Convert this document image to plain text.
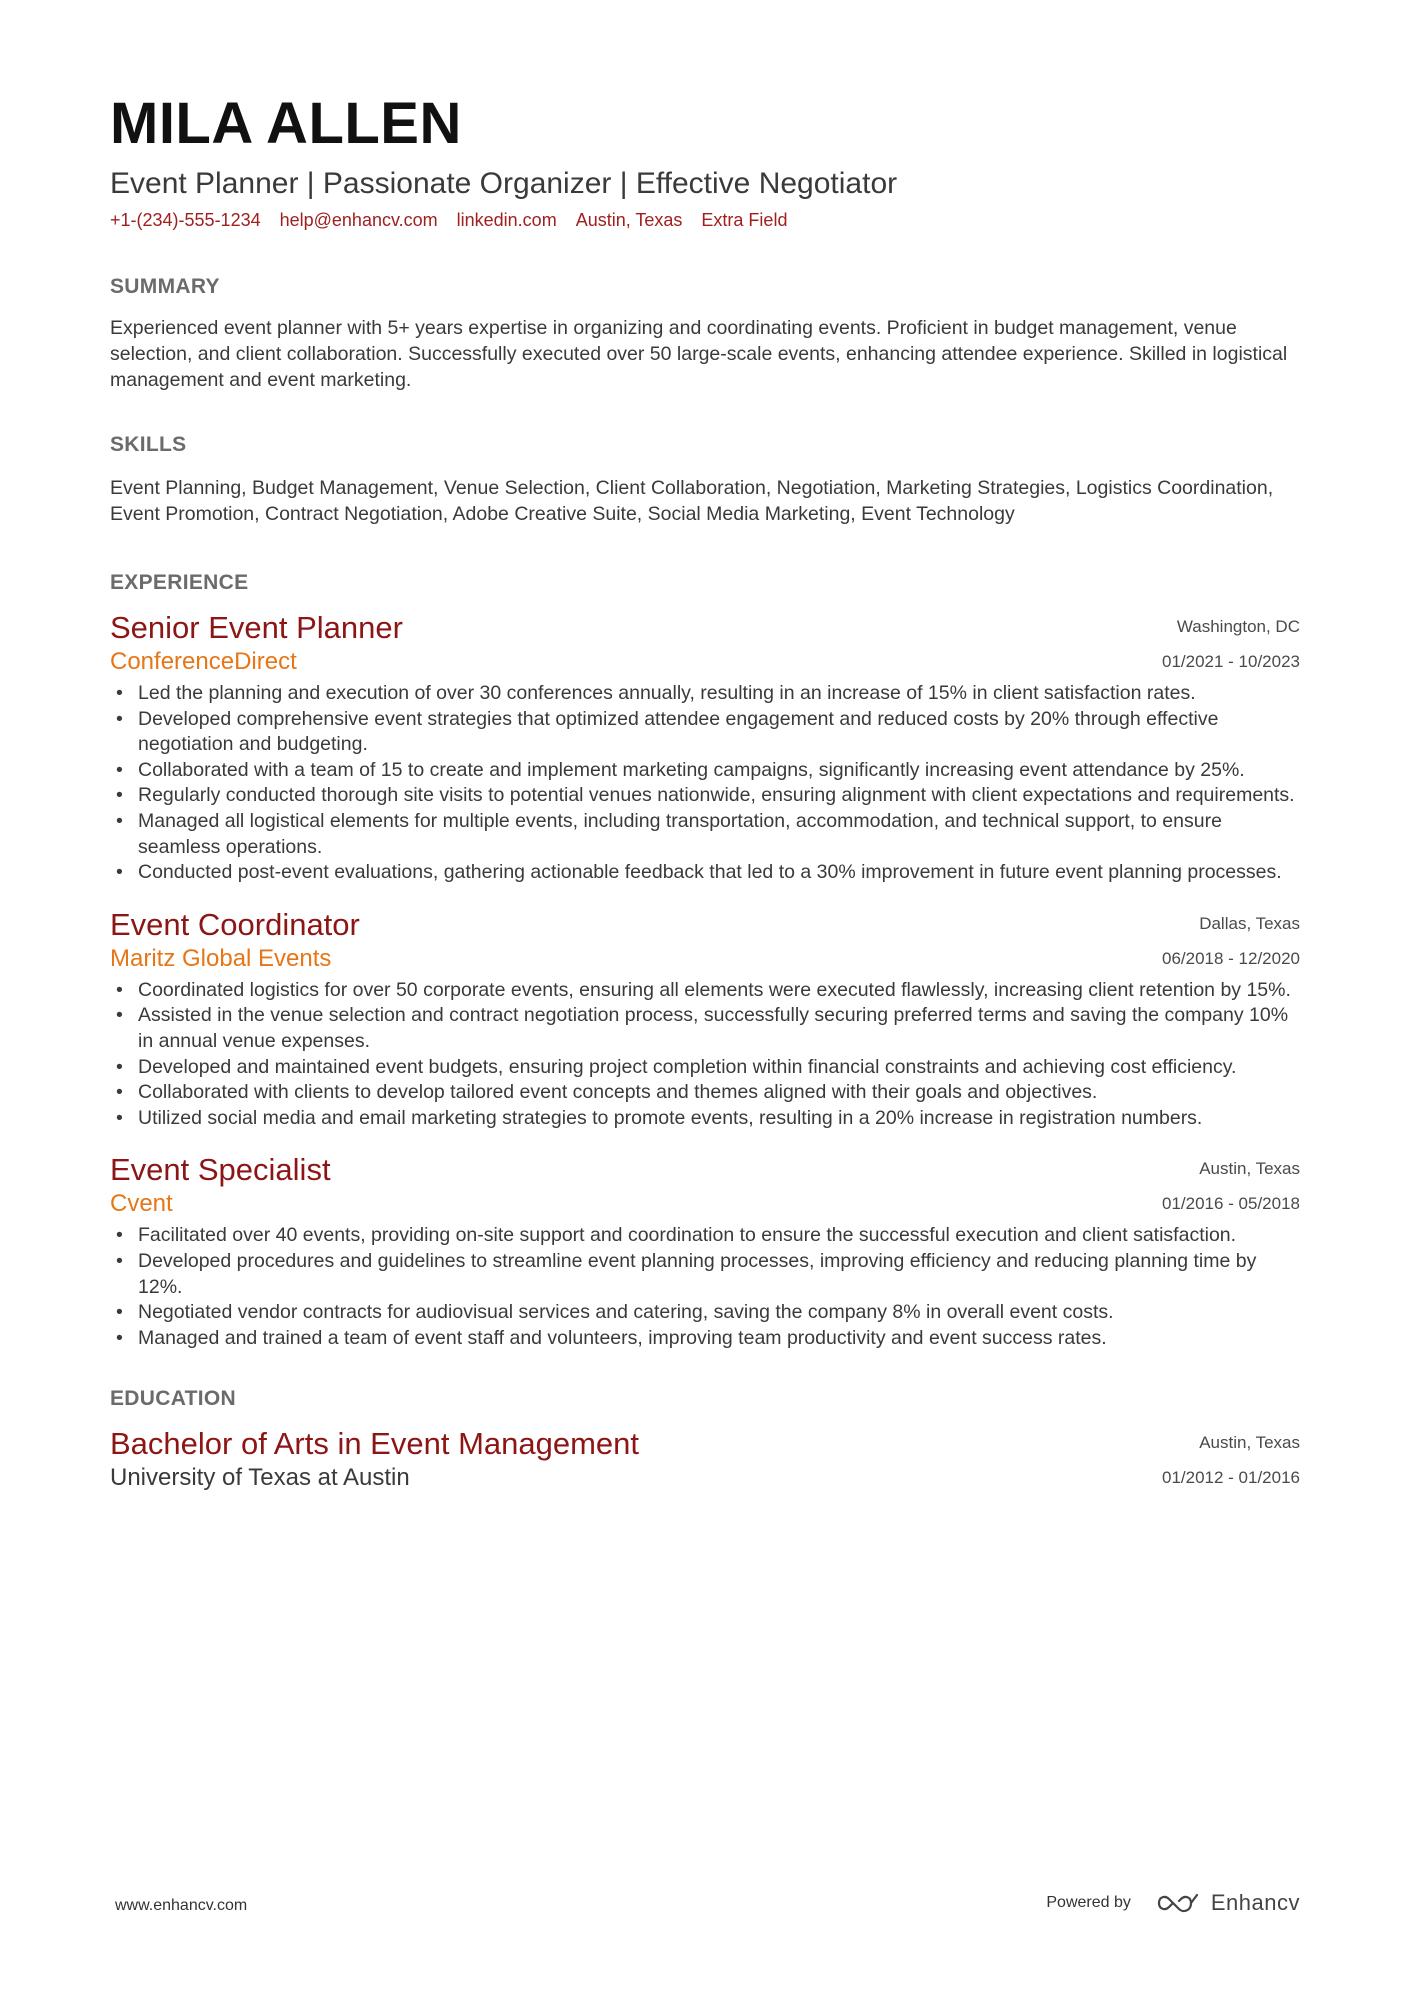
MILA ALLEN
Event Planner | Passionate Organizer | Effective Negotiator
+1-(234)-555-1234 help@enhancv.com linkedin.com Austin, Texas Extra Field
SUMMARY

Experienced event planner with 5+ years expertise in organizing and coordinating events. Proficient in budget management, venue selection, and client collaboration. Successfully executed over 50 large-scale events, enhancing attendee experience. Skilled in logistical management and event marketing.

SKILLS

Event Planning, Budget Management, Venue Selection, Client Collaboration, Negotiation, Marketing Strategies, Logistics Coordination, Event Promotion, Contract Negotiation, Adobe Creative Suite, Social Media Marketing, Event Technology

EXPERIENCE
Senior Event Planner
ConferenceDirect
Washington, DC
01/2021 - 10/2023
• Led the planning and execution of over 30 conferences annually, resulting in an increase of 15% in client satisfaction rates.
• Developed comprehensive event strategies that optimized attendee engagement and reduced costs by 20% through effective negotiation and budgeting.
• Collaborated with a team of 15 to create and implement marketing campaigns, significantly increasing event attendance by 25%.
• Regularly conducted thorough site visits to potential venues nationwide, ensuring alignment with client expectations and requirements.
• Managed all logistical elements for multiple events, including transportation, accommodation, and technical support, to ensure seamless operations.
• Conducted post-event evaluations, gathering actionable feedback that led to a 30% improvement in future event planning processes.
Event Coordinator
Maritz Global Events
Dallas, Texas
06/2018 - 12/2020
• Coordinated logistics for over 50 corporate events, ensuring all elements were executed flawlessly, increasing client retention by 15%.
• Assisted in the venue selection and contract negotiation process, successfully securing preferred terms and saving the company 10% in annual venue expenses.
• Developed and maintained event budgets, ensuring project completion within financial constraints and achieving cost efficiency.
• Collaborated with clients to develop tailored event concepts and themes aligned with their goals and objectives.
• Utilized social media and email marketing strategies to promote events, resulting in a 20% increase in registration numbers.
Event Specialist
Cvent
Austin, Texas
01/2016 - 05/2018
• Facilitated over 40 events, providing on-site support and coordination to ensure the successful execution and client satisfaction.
• Developed procedures and guidelines to streamline event planning processes, improving efficiency and reducing planning time by 12%.
• Negotiated vendor contracts for audiovisual services and catering, saving the company 8% in overall event costs.
• Managed and trained a team of event staff and volunteers, improving team productivity and event success rates.
EDUCATION
Bachelor of Arts in Event Management
University of Texas at Austin
Austin, Texas
01/2012 - 01/2016
www.enhancv.com	Powered by	Enhancv
